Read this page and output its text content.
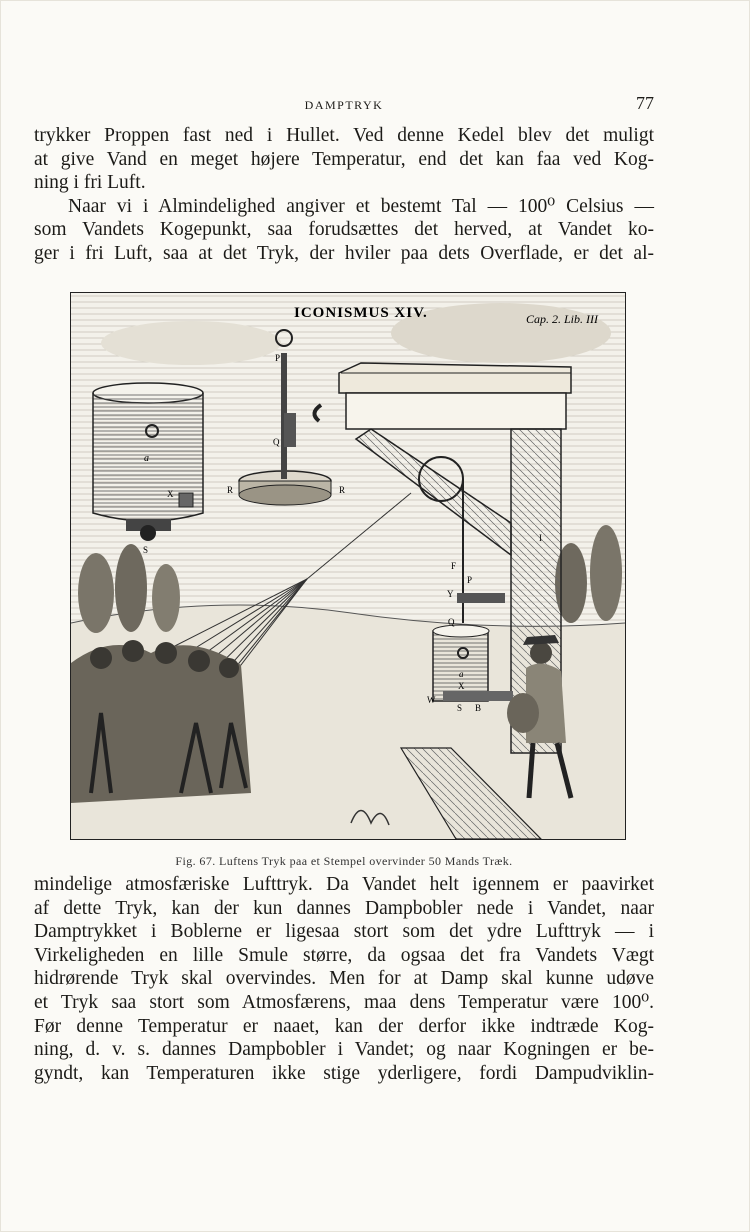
DAMPTRYK	77
trykker Proppen fast ned i Hullet. Ved denne Kedel blev det muligt
at give Vand en meget højere Temperatur, end det kan faa ved Kog-
ning i fri Luft.
Naar vi i Almindelighed angiver et bestemt Tal — 100⁰ Celsius —
som Vandets Kogepunkt, saa forudsættes det herved, at Vandet ko-
ger i fri Luft, saa at det Tryk, der hviler paa dets Overflade, er det al-
ICONISMUS XIV.	Cap. 2. Lib. III
a
X
S
P
Q
R	R
I
F
P
Y
Q
a
X
W
S B
Fig. 67. Luftens Tryk paa et Stempel overvinder 50 Mands Træk.
mindelige atmosfæriske Lufttryk. Da Vandet helt igennem er paavirket
af dette Tryk, kan der kun dannes Dampbobler nede i Vandet, naar
Damptrykket i Boblerne er ligesaa stort som det ydre Lufttryk — i
Virkeligheden en lille Smule større, da ogsaa det fra Vandets Vægt
hidrørende Tryk skal overvindes. Men for at Damp skal kunne udøve
et Tryk saa stort som Atmosfærens, maa dens Temperatur være 100⁰.
Før denne Temperatur er naaet, kan der derfor ikke indtræde Kog-
ning, d. v. s. dannes Dampbobler i Vandet; og naar Kogningen er be-
gyndt, kan Temperaturen ikke stige yderligere, fordi Dampudviklin-
